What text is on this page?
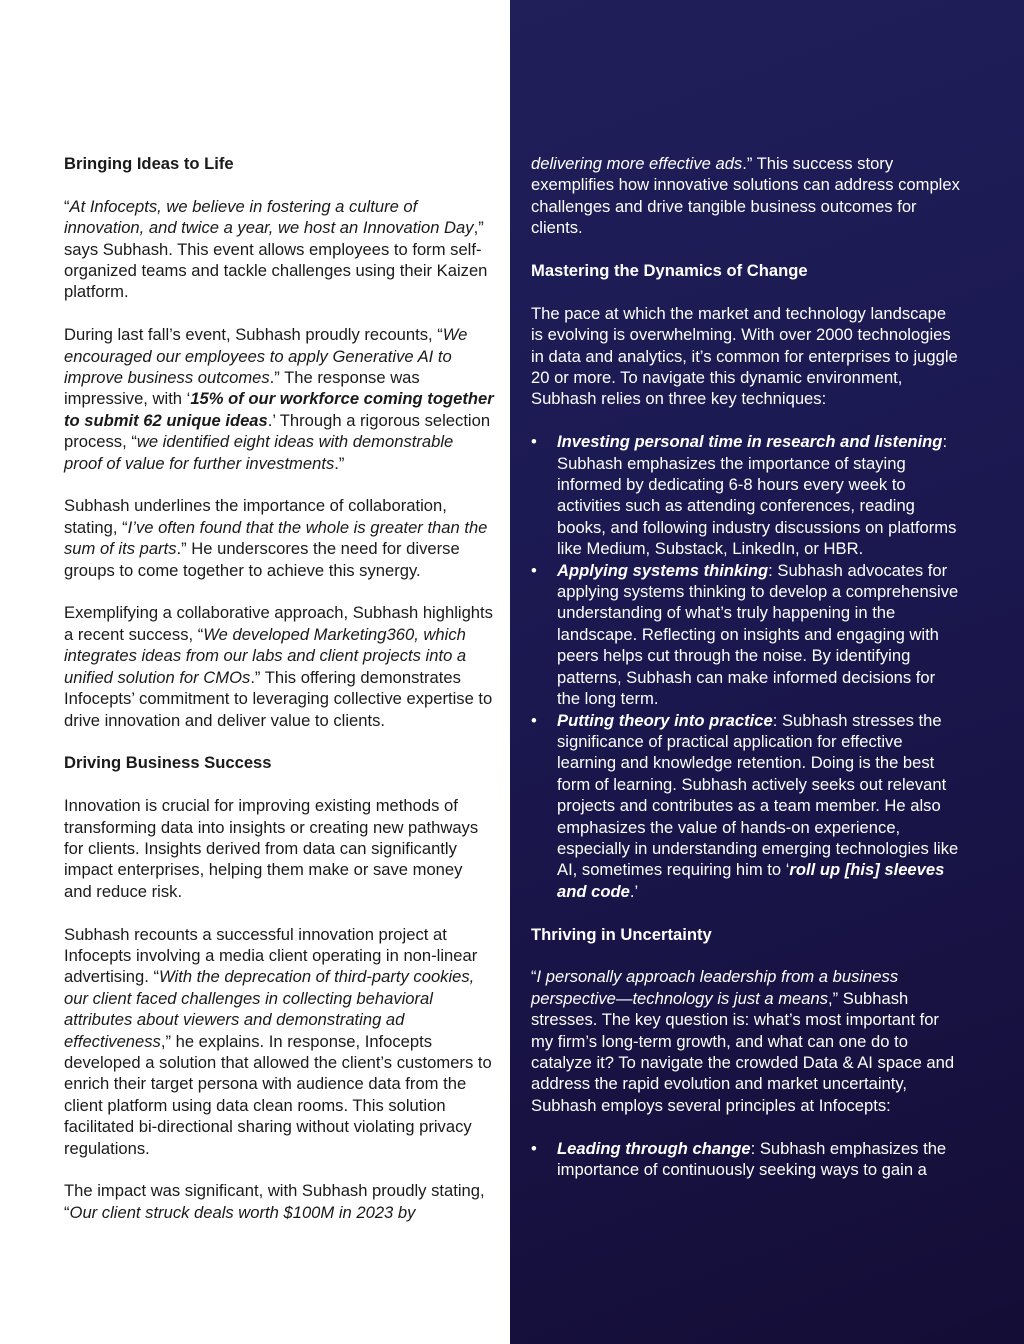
Bringing Ideas to Life

“At Infocepts, we believe in fostering a culture of innovation, and twice a year, we host an Innovation Day,” says Subhash. This event allows employees to form self-organized teams and tackle challenges using their Kaizen platform.

During last fall’s event, Subhash proudly recounts, “We encouraged our employees to apply Generative AI to improve business outcomes.” The response was impressive, with ‘15% of our workforce coming together to submit 62 unique ideas.’ Through a rigorous selection process, “we identified eight ideas with demonstrable proof of value for further investments.”

Subhash underlines the importance of collaboration, stating, “I’ve often found that the whole is greater than the sum of its parts.” He underscores the need for diverse groups to come together to achieve this synergy.

Exemplifying a collaborative approach, Subhash highlights a recent success, “We developed Marketing360, which integrates ideas from our labs and client projects into a unified solution for CMOs.” This offering demonstrates Infocepts’ commitment to leveraging collective expertise to drive innovation and deliver value to clients.

Driving Business Success

Innovation is crucial for improving existing methods of transforming data into insights or creating new pathways for clients. Insights derived from data can significantly impact enterprises, helping them make or save money and reduce risk.

Subhash recounts a successful innovation project at Infocepts involving a media client operating in non-linear advertising. “With the deprecation of third-party cookies, our client faced challenges in collecting behavioral attributes about viewers and demonstrating ad effectiveness,” he explains. In response, Infocepts developed a solution that allowed the client’s customers to enrich their target persona with audience data from the client platform using data clean rooms. This solution facilitated bi-directional sharing without violating privacy regulations.

The impact was significant, with Subhash proudly stating, “Our client struck deals worth $100M in 2023 by

delivering more effective ads.” This success story exemplifies how innovative solutions can address complex challenges and drive tangible business outcomes for clients.

Mastering the Dynamics of Change

The pace at which the market and technology landscape is evolving is overwhelming. With over 2000 technologies in data and analytics, it’s common for enterprises to juggle 20 or more. To navigate this dynamic environment, Subhash relies on three key techniques:

•	Investing personal time in research and listening: Subhash emphasizes the importance of staying informed by dedicating 6-8 hours every week to activities such as attending conferences, reading books, and following industry discussions on platforms like Medium, Substack, LinkedIn, or HBR.
•	Applying systems thinking: Subhash advocates for applying systems thinking to develop a comprehensive understanding of what’s truly happening in the landscape. Reflecting on insights and engaging with peers helps cut through the noise. By identifying patterns, Subhash can make informed decisions for the long term.
•	Putting theory into practice: Subhash stresses the significance of practical application for effective learning and knowledge retention. Doing is the best form of learning. Subhash actively seeks out relevant projects and contributes as a team member. He also emphasizes the value of hands-on experience, especially in understanding emerging technologies like AI, sometimes requiring him to ‘roll up [his] sleeves and code.’
Thriving in Uncertainty

“I personally approach leadership from a business perspective—technology is just a means,” Subhash stresses. The key question is: what’s most important for my firm’s long-term growth, and what can one do to catalyze it? To navigate the crowded Data & AI space and address the rapid evolution and market uncertainty, Subhash employs several principles at Infocepts:

•	Leading through change: Subhash emphasizes the importance of continuously seeking ways to gain a
